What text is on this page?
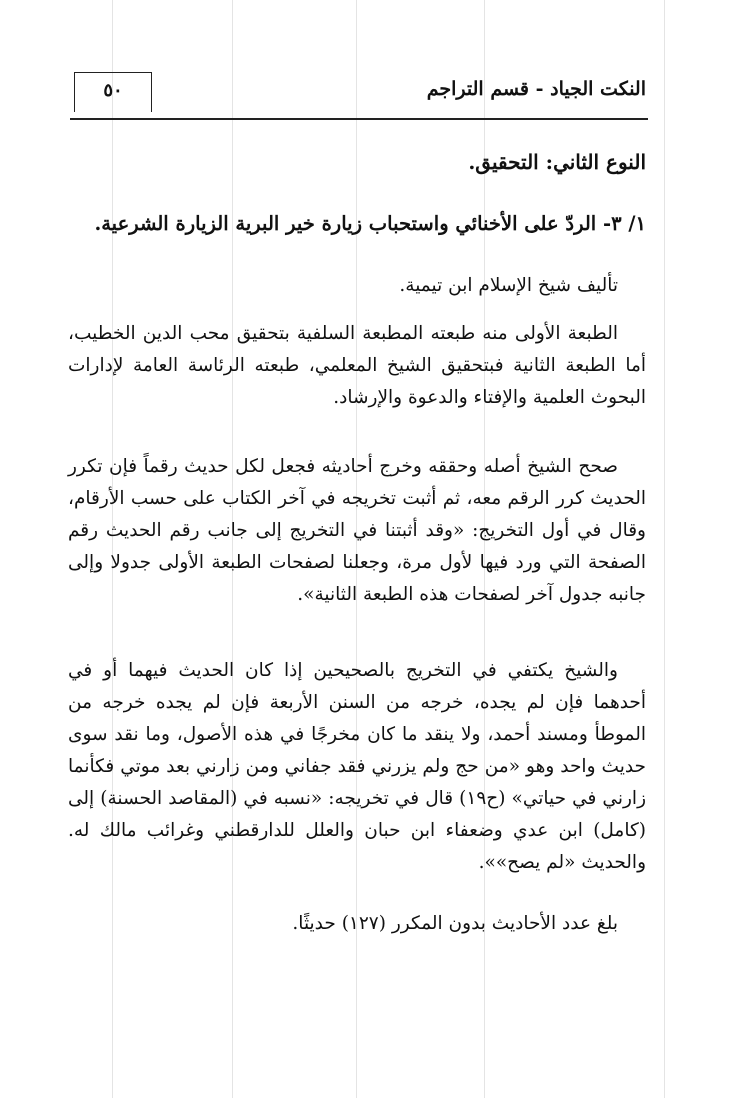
النكت الجياد - قسم التراجم
٥٠
النوع الثاني: التحقيق.
١/ ٣- الردّ على الأخنائي واستحباب زيارة خير البرية الزيارة الشرعية.
تأليف شيخ الإسلام ابن تيمية.
الطبعة الأولى منه طبعته المطبعة السلفية بتحقيق محب الدين الخطيب، أما الطبعة الثانية فبتحقيق الشيخ المعلمي، طبعته الرئاسة العامة لإدارات البحوث العلمية والإفتاء والدعوة والإرشاد.
صحح الشيخ أصله وحققه وخرج أحاديثه فجعل لكل حديث رقماً فإن تكرر الحديث كرر الرقم معه، ثم أثبت تخريجه في آخر الكتاب على حسب الأرقام، وقال في أول التخريج: «وقد أثبتنا في التخريج إلى جانب رقم الحديث رقم الصفحة التي ورد فيها لأول مرة، وجعلنا لصفحات الطبعة الأولى جدولا وإلى جانبه جدول آخر لصفحات هذه الطبعة الثانية».
والشيخ يكتفي في التخريج بالصحيحين إذا كان الحديث فيهما أو في أحدهما فإن لم يجده، خرجه من السنن الأربعة فإن لم يجده خرجه من الموطأ ومسند أحمد، ولا ينقد ما كان مخرجًا في هذه الأصول، وما نقد سوى حديث واحد وهو «من حج ولم يزرني فقد جفاني ومن زارني بعد موتي فكأنما زارني في حياتي» (ح١٩) قال في تخريجه: «نسبه في (المقاصد الحسنة) إلى (كامل) ابن عدي وضعفاء ابن حبان والعلل للدارقطني وغرائب مالك له. والحديث «لم يصح»».
بلغ عدد الأحاديث بدون المكرر (١٢٧) حديثًا.
